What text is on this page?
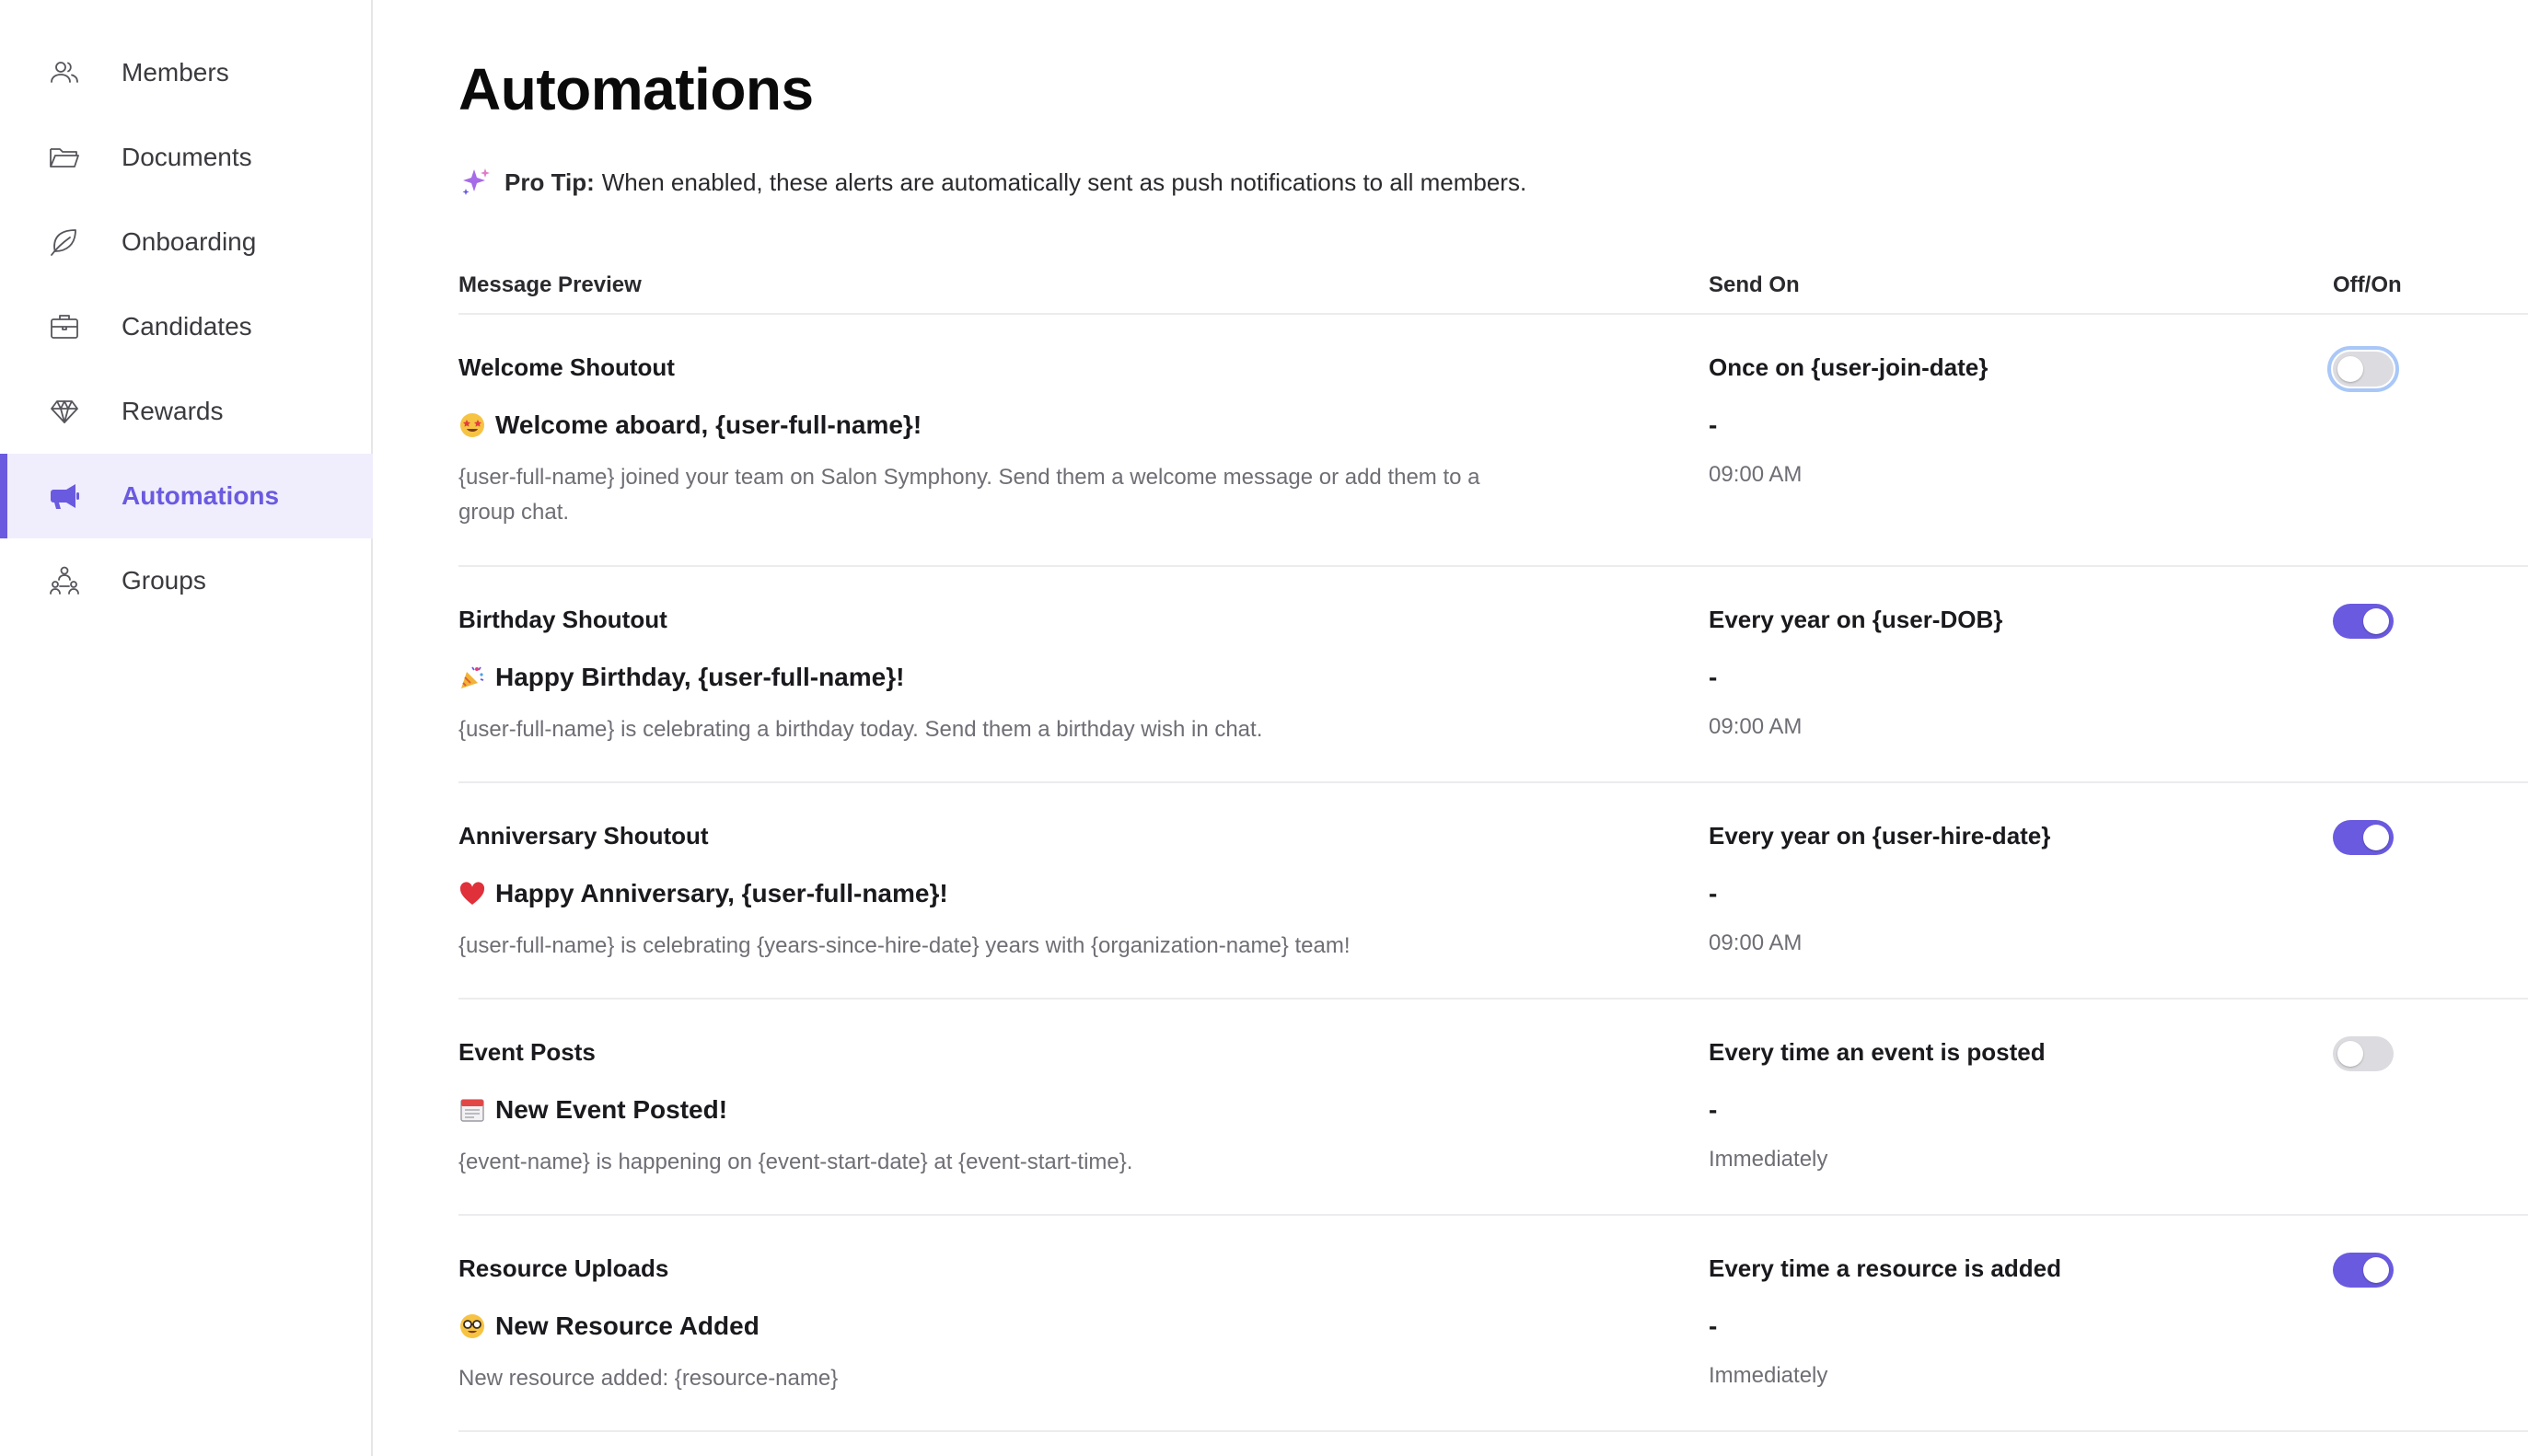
Members
Documents
Onboarding
Candidates
Rewards
Automations
Groups
Automations
Pro Tip: When enabled, these alerts are automatically sent as push notifications to all members.
Message Preview	Send On	Off/On
Welcome Shoutout
Welcome aboard, {user-full-name}!
{user-full-name} joined your team on Salon Symphony. Send them a welcome message or add them to a group chat.
Once on {user-join-date}
-
09:00 AM
Birthday Shoutout
Happy Birthday, {user-full-name}!
{user-full-name} is celebrating a birthday today. Send them a birthday wish in chat.
Every year on {user-DOB}
-
09:00 AM
Anniversary Shoutout
Happy Anniversary, {user-full-name}!
{user-full-name} is celebrating {years-since-hire-date} years with {organization-name} team!
Every year on {user-hire-date}
-
09:00 AM
Event Posts
New Event Posted!
{event-name} is happening on {event-start-date} at {event-start-time}.
Every time an event is posted
-
Immediately
Resource Uploads
New Resource Added
New resource added: {resource-name}
Every time a resource is added
-
Immediately
